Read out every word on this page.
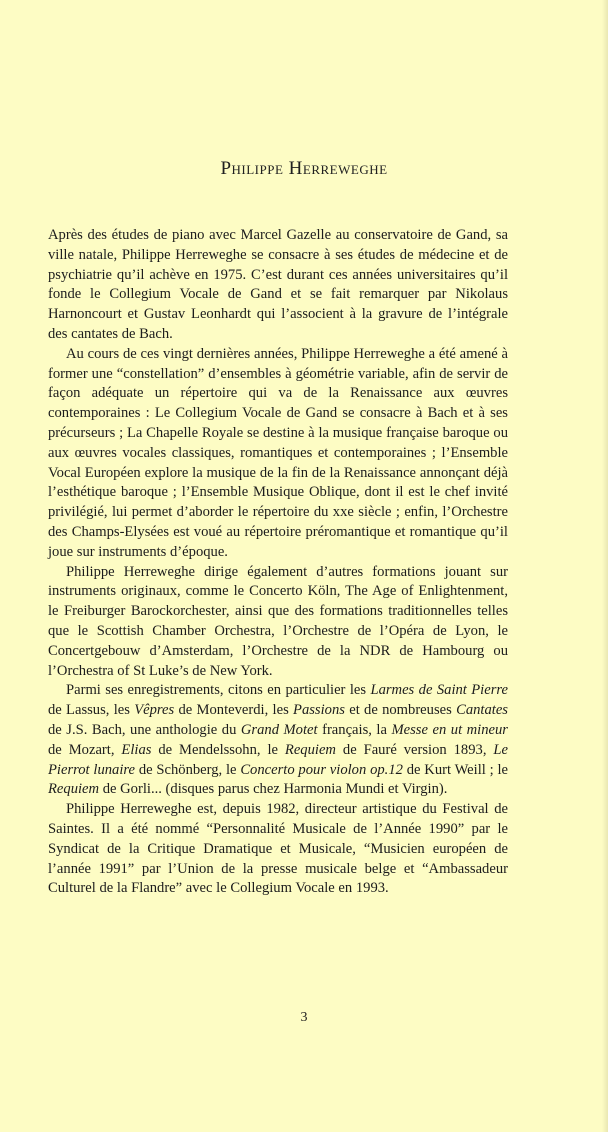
Philippe Herreweghe

Après des études de piano avec Marcel Gazelle au conservatoire de Gand, sa ville natale, Philippe Herreweghe se consacre à ses études de médecine et de psychiatrie qu’il achève en 1975. C’est durant ces années universitaires qu’il fonde le Collegium Vocale de Gand et se fait remarquer par Nikolaus Harnoncourt et Gustav Leonhardt qui l’associent à la gravure de l’intégrale des cantates de Bach.

Au cours de ces vingt dernières années, Philippe Herreweghe a été amené à former une “constellation” d’ensembles à géométrie variable, afin de servir de façon adéquate un répertoire qui va de la Renaissance aux œuvres contemporaines : Le Collegium Vocale de Gand se consacre à Bach et à ses précurseurs ; La Chapelle Royale se destine à la musique française baroque ou aux œuvres vocales classiques, romantiques et contemporaines ; l’Ensemble Vocal Européen explore la musique de la fin de la Renaissance annonçant déjà l’esthétique baroque ; l’Ensemble Musique Oblique, dont il est le chef invité privilégié, lui permet d’aborder le répertoire du xxe siècle ; enfin, l’Orchestre des Champs-Elysées est voué au répertoire préromantique et romantique qu’il joue sur instruments d’époque.

Philippe Herreweghe dirige également d’autres formations jouant sur instruments originaux, comme le Concerto Köln, The Age of Enlightenment, le Freiburger Barockorchester, ainsi que des formations traditionnelles telles que le Scottish Chamber Orchestra, l’Orchestre de l’Opéra de Lyon, le Concertgebouw d’Amsterdam, l’Orchestre de la NDR de Hambourg ou l’Orchestra of St Luke’s de New York.

Parmi ses enregistrements, citons en particulier les Larmes de Saint Pierre de Lassus, les Vêpres de Monteverdi, les Passions et de nombreuses Cantates de J.S. Bach, une anthologie du Grand Motet français, la Messe en ut mineur de Mozart, Elias de Mendelssohn, le Requiem de Fauré version 1893, Le Pierrot lunaire de Schönberg, le Concerto pour violon op.12 de Kurt Weill ; le Requiem de Gorli... (disques parus chez Harmonia Mundi et Virgin).

Philippe Herreweghe est, depuis 1982, directeur artistique du Festival de Saintes. Il a été nommé “Personnalité Musicale de l’Année 1990” par le Syndicat de la Critique Dramatique et Musicale, “Musicien européen de l’année 1991” par l’Union de la presse musicale belge et “Ambassadeur Culturel de la Flandre” avec le Collegium Vocale en 1993.

3
